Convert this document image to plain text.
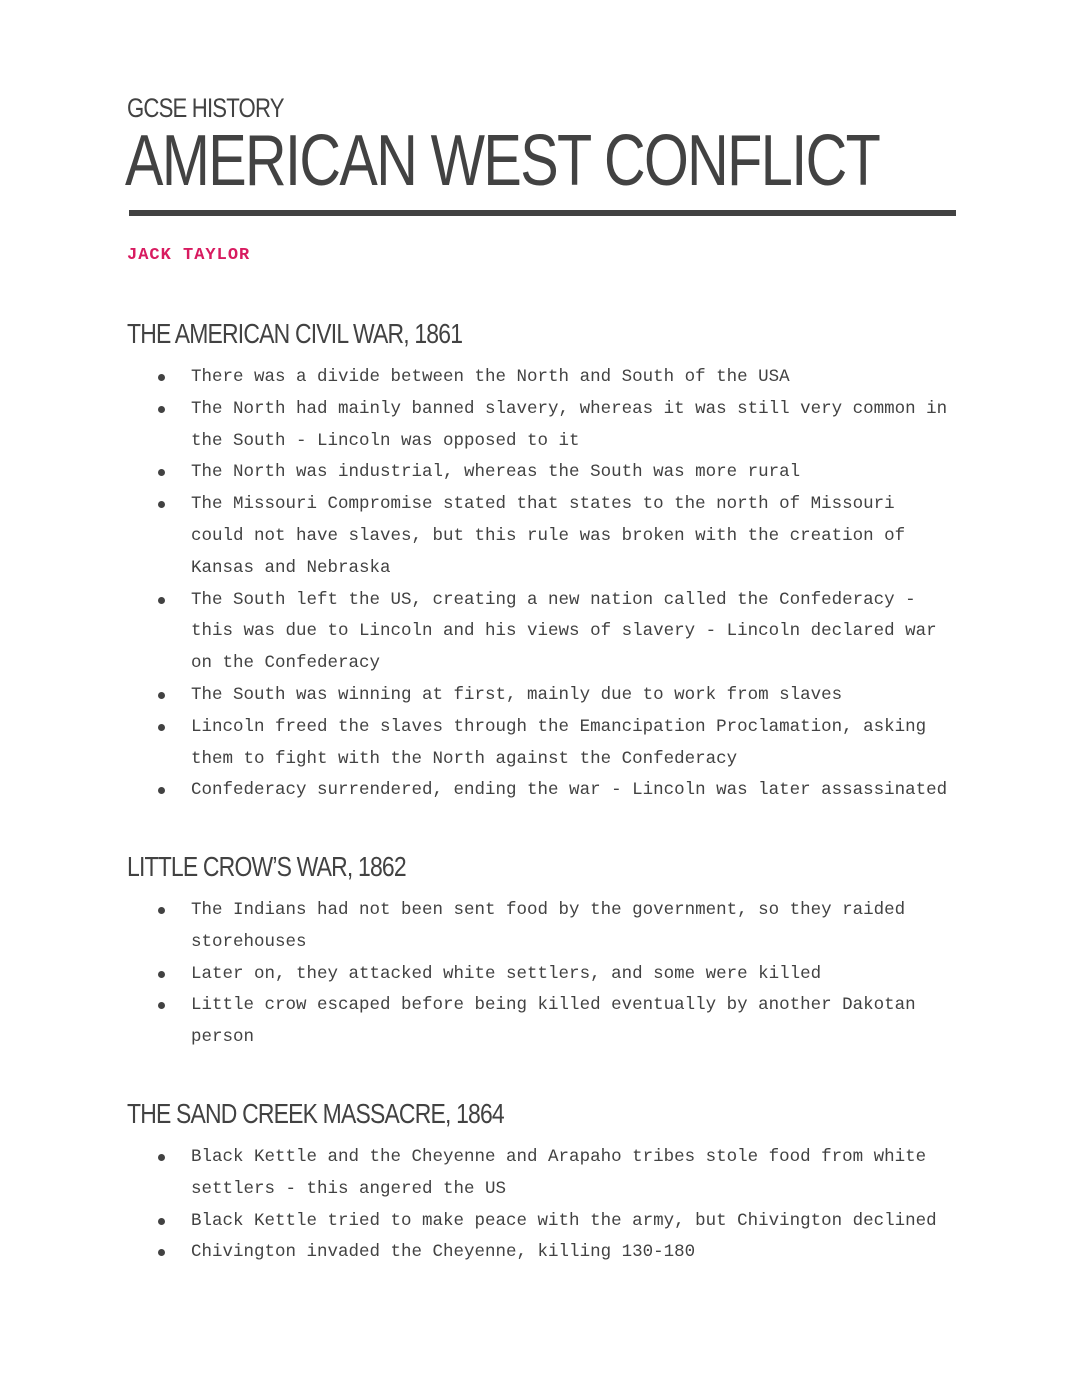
GCSE HISTORY
AMERICAN WEST CONFLICT
JACK TAYLOR
THE AMERICAN CIVIL WAR, 1861
There was a divide between the North and South of the USA
The North had mainly banned slavery, whereas it was still very common in
the South - Lincoln was opposed to it
The North was industrial, whereas the South was more rural
The Missouri Compromise stated that states to the north of Missouri
could not have slaves, but this rule was broken with the creation of
Kansas and Nebraska
The South left the US, creating a new nation called the Confederacy -
this was due to Lincoln and his views of slavery - Lincoln declared war
on the Confederacy
The South was winning at first, mainly due to work from slaves
Lincoln freed the slaves through the Emancipation Proclamation, asking
them to fight with the North against the Confederacy
Confederacy surrendered, ending the war - Lincoln was later assassinated
LITTLE CROW’S WAR, 1862
The Indians had not been sent food by the government, so they raided
storehouses
Later on, they attacked white settlers, and some were killed
Little crow escaped before being killed eventually by another Dakotan
person
THE SAND CREEK MASSACRE, 1864
Black Kettle and the Cheyenne and Arapaho tribes stole food from white
settlers - this angered the US
Black Kettle tried to make peace with the army, but Chivington declined
Chivington invaded the Cheyenne, killing 130-180
